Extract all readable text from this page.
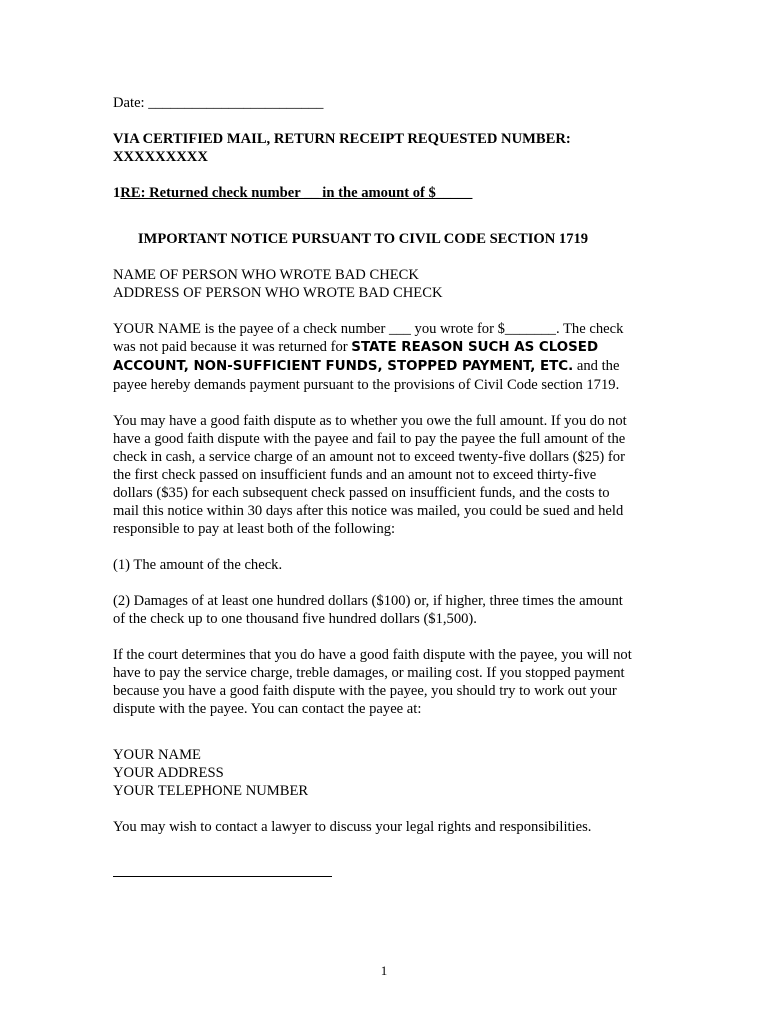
Date: ________________________
VIA CERTIFIED MAIL, RETURN RECEIPT REQUESTED NUMBER:
XXXXXXXXX
1RE: Returned check number __ in the amount of $_____
IMPORTANT NOTICE PURSUANT TO CIVIL CODE SECTION 1719
NAME OF PERSON WHO WROTE BAD CHECK
ADDRESS OF PERSON WHO WROTE BAD CHECK
YOUR NAME is the payee of a check number ___ you wrote for $_______. The check
was not paid because it was returned for STATE REASON SUCH AS CLOSED
ACCOUNT, NON-SUFFICIENT FUNDS, STOPPED PAYMENT, ETC. and the
payee hereby demands payment pursuant to the provisions of Civil Code section 1719.
You may have a good faith dispute as to whether you owe the full amount. If you do not
have a good faith dispute with the payee and fail to pay the payee the full amount of the
check in cash, a service charge of an amount not to exceed twenty-five dollars ($25) for
the first check passed on insufficient funds and an amount not to exceed thirty-five
dollars ($35) for each subsequent check passed on insufficient funds, and the costs to
mail this notice within 30 days after this notice was mailed, you could be sued and held
responsible to pay at least both of the following:
(1) The amount of the check.
(2) Damages of at least one hundred dollars ($100) or, if higher, three times the amount
of the check up to one thousand five hundred dollars ($1,500).
If the court determines that you do have a good faith dispute with the payee, you will not
have to pay the service charge, treble damages, or mailing cost. If you stopped payment
because you have a good faith dispute with the payee, you should try to work out your
dispute with the payee. You can contact the payee at:
YOUR NAME
YOUR ADDRESS
YOUR TELEPHONE NUMBER
You may wish to contact a lawyer to discuss your legal rights and responsibilities.
1
